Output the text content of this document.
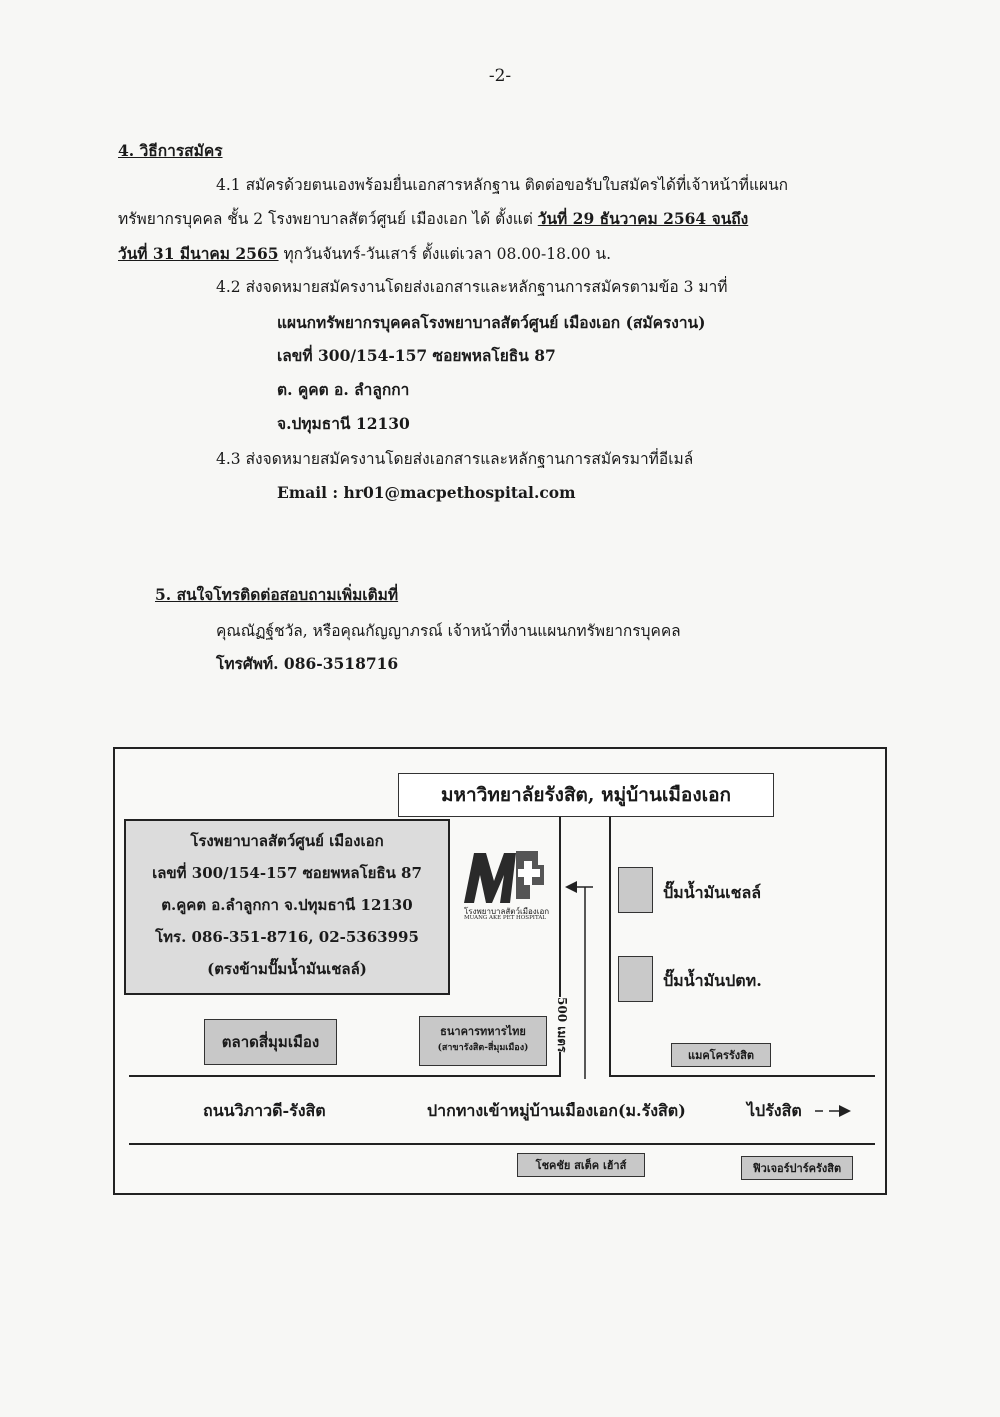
-2-
4. วิธีการสมัคร
4.1 สมัครด้วยตนเองพร้อมยื่นเอกสารหลักฐาน ติดต่อขอรับใบสมัครได้ที่เจ้าหน้าที่แผนก
ทรัพยากรบุคคล ชั้น 2 โรงพยาบาลสัตว์ศูนย์ เมืองเอก ได้ ตั้งแต่ วันที่ 29 ธันวาคม 2564 จนถึง
วันที่ 31 มีนาคม 2565 ทุกวันจันทร์-วันเสาร์ ตั้งแต่เวลา 08.00-18.00 น.
4.2 ส่งจดหมายสมัครงานโดยส่งเอกสารและหลักฐานการสมัครตามข้อ 3 มาที่
แผนกทรัพยากรบุคคลโรงพยาบาลสัตว์ศูนย์ เมืองเอก (สมัครงาน)
เลขที่ 300/154-157 ซอยพหลโยธิน 87
ต. คูคต อ. ลำลูกกา
จ.ปทุมธานี 12130
4.3 ส่งจดหมายสมัครงานโดยส่งเอกสารและหลักฐานการสมัครมาที่อีเมล์
Email : hr01@macpethospital.com
5. สนใจโทรติดต่อสอบถามเพิ่มเติมที่
คุณณัฏฐ์ชวัล, หรือคุณกัญญาภรณ์ เจ้าหน้าที่งานแผนกทรัพยากรบุคคล
โทรศัพท์. 086-3518716
มหาวิทยาลัยรังสิต, หมู่บ้านเมืองเอก
โรงพยาบาลสัตว์ศูนย์ เมืองเอก
เลขที่ 300/154-157 ซอยพหลโยธิน 87
ต.คูคต อ.ลำลูกกา จ.ปทุมธานี 12130
โทร. 086-351-8716, 02-5363995
(ตรงข้ามปั๊มน้ำมันเชลล์)
โรงพยาบาลสัตว์เมืองเอก
MUANG AKE PET HOSPITAL
500 เมตร
ปั๊มน้ำมันเชลล์
ปั๊มน้ำมันปตท.
ตลาดสี่มุมเมือง
ธนาคารทหารไทย
(สาขารังสิต-สี่มุมเมือง)
แมคโครรังสิต
ถนนวิภาวดี-รังสิต	ปากทางเข้าหมู่บ้านเมืองเอก(ม.รังสิต)	ไปรังสิต
โชคชัย สเต็ค เฮ้าส์	ฟิวเจอร์ปาร์ครังสิต
